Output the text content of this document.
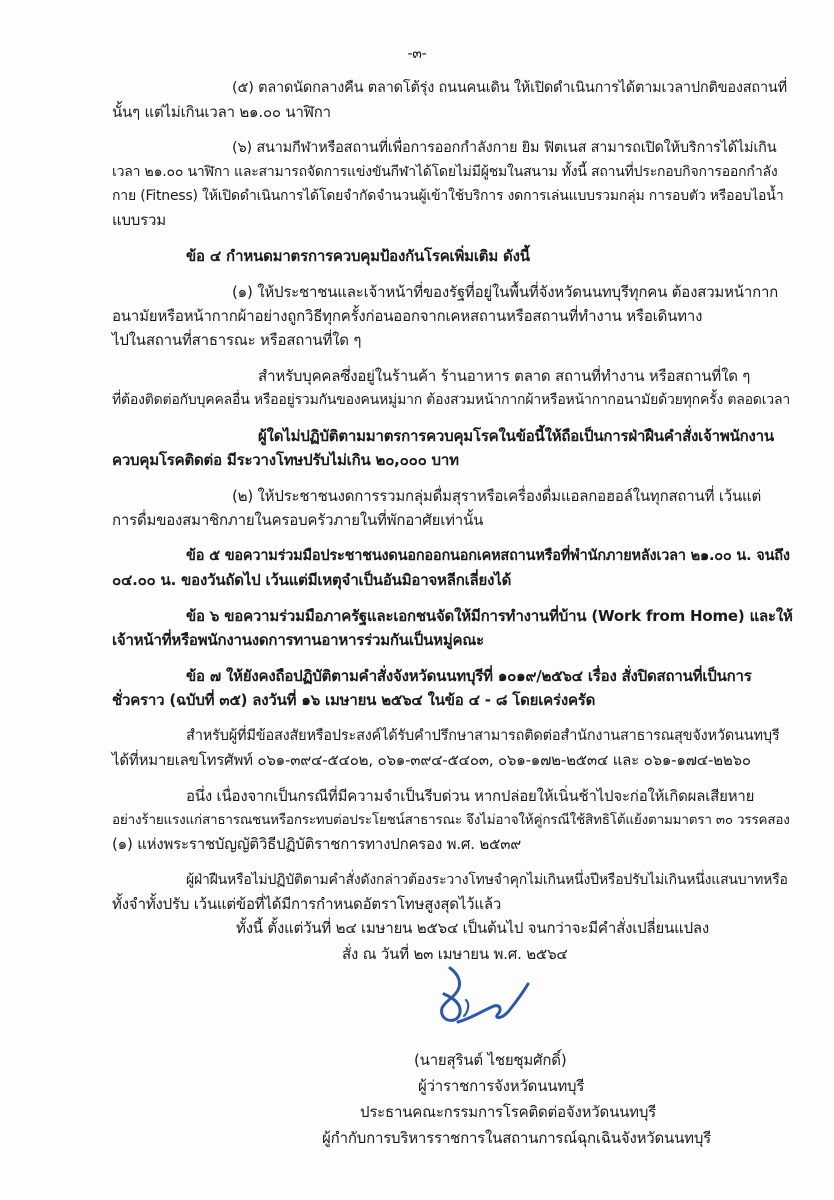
-๓-
(๕) ตลาดนัดกลางคืน ตลาดโต้รุ่ง ถนนคนเดิน ให้เปิดดำเนินการได้ตามเวลาปกติของสถานที่
นั้นๆ แต่ไม่เกินเวลา ๒๑.๐๐ นาฬิกา
(๖) สนามกีฬาหรือสถานที่เพื่อการออกกำลังกาย ยิม ฟิตเนส สามารถเปิดให้บริการได้ไม่เกิน
เวลา ๒๑.๐๐ นาฬิกา และสามารถจัดการแข่งขันกีฬาได้โดยไม่มีผู้ชมในสนาม ทั้งนี้ สถานที่ประกอบกิจการออกกำลัง
กาย (Fitness) ให้เปิดดำเนินการได้โดยจำกัดจำนวนผู้เข้าใช้บริการ งดการเล่นแบบรวมกลุ่ม การอบตัว หรืออบไอน้ำ
แบบรวม
ข้อ ๔ กำหนดมาตรการควบคุมป้องกันโรคเพิ่มเติม ดังนี้
(๑) ให้ประชาชนและเจ้าหน้าที่ของรัฐที่อยู่ในพื้นที่จังหวัดนนทบุรีทุกคน ต้องสวมหน้ากาก
อนามัยหรือหน้ากากผ้าอย่างถูกวิธีทุกครั้งก่อนออกจากเคหสถานหรือสถานที่ทำงาน หรือเดินทาง
ไปในสถานที่สาธารณะ หรือสถานที่ใด ๆ
สำหรับบุคคลซึ่งอยู่ในร้านค้า ร้านอาหาร ตลาด สถานที่ทำงาน หรือสถานที่ใด ๆ
ที่ต้องติดต่อกับบุคคลอื่น หรืออยู่รวมกันของคนหมู่มาก ต้องสวมหน้ากากผ้าหรือหน้ากากอนามัยด้วยทุกครั้ง ตลอดเวลา
ผู้ใดไม่ปฏิบัติตามมาตรการควบคุมโรคในข้อนี้ให้ถือเป็นการฝ่าฝืนคำสั่งเจ้าพนักงาน
ควบคุมโรคติดต่อ มีระวางโทษปรับไม่เกิน ๒๐,๐๐๐ บาท
(๒) ให้ประชาชนงดการรวมกลุ่มดื่มสุราหรือเครื่องดื่มแอลกอฮอล์ในทุกสถานที่ เว้นแต่
การดื่มของสมาชิกภายในครอบครัวภายในที่พักอาศัยเท่านั้น
ข้อ ๕ ขอความร่วมมือประชาชนงดนอกออกนอกเคหสถานหรือที่พำนักภายหลังเวลา ๒๑.๐๐ น. จนถึง
๐๔.๐๐ น. ของวันถัดไป เว้นแต่มีเหตุจำเป็นอันมิอาจหลีกเลี่ยงได้
ข้อ ๖ ขอความร่วมมือภาครัฐและเอกชนจัดให้มีการทำงานที่บ้าน (Work from Home) และให้
เจ้าหน้าที่หรือพนักงานงดการทานอาหารร่วมกันเป็นหมู่คณะ
ข้อ ๗ ให้ยังคงถือปฏิบัติตามคำสั่งจังหวัดนนทบุรีที่ ๑๐๑๙/๒๕๖๔ เรื่อง สั่งปิดสถานที่เป็นการ
ชั่วคราว (ฉบับที่ ๓๕) ลงวันที่ ๑๖ เมษายน ๒๕๖๔ ในข้อ ๔ - ๘ โดยเคร่งครัด
สำหรับผู้ที่มีข้อสงสัยหรือประสงค์ได้รับคำปรึกษาสามารถติดต่อสำนักงานสาธารณสุขจังหวัดนนทบุรี
ได้ที่หมายเลขโทรศัพท์ ๐๖๑-๓๙๔-๕๔๐๒, ๐๖๑-๓๙๔-๕๔๐๓, ๐๖๑-๑๗๒-๒๕๓๔ และ ๐๖๑-๑๗๔-๒๒๖๐
อนึ่ง เนื่องจากเป็นกรณีที่มีความจำเป็นรีบด่วน หากปล่อยให้เนิ่นช้าไปจะก่อให้เกิดผลเสียหาย
อย่างร้ายแรงแก่สาธารณชนหรือกระทบต่อประโยชน์สาธารณะ จึงไม่อาจให้คู่กรณีใช้สิทธิโต้แย้งตามมาตรา ๓๐ วรรคสอง
(๑) แห่งพระราชบัญญัติวิธีปฏิบัติราชการทางปกครอง พ.ศ. ๒๕๓๙
ผู้ฝ่าฝืนหรือไม่ปฏิบัติตามคำสั่งดังกล่าวต้องระวางโทษจำคุกไม่เกินหนึ่งปีหรือปรับไม่เกินหนึ่งแสนบาทหรือ
ทั้งจำทั้งปรับ เว้นแต่ข้อที่ได้มีการกำหนดอัตราโทษสูงสุดไว้แล้ว
ทั้งนี้ ตั้งแต่วันที่ ๒๔ เมษายน ๒๕๖๔ เป็นต้นไป จนกว่าจะมีคำสั่งเปลี่ยนแปลง
สั่ง ณ วันที่ ๒๓ เมษายน พ.ศ. ๒๕๖๔
(นายสุรินต์ ไชยชุมศักดิ์)
ผู้ว่าราชการจังหวัดนนทบุรี
ประธานคณะกรรมการโรคติดต่อจังหวัดนนทบุรี
ผู้กำกับการบริหารราชการในสถานการณ์ฉุกเฉินจังหวัดนนทบุรี
